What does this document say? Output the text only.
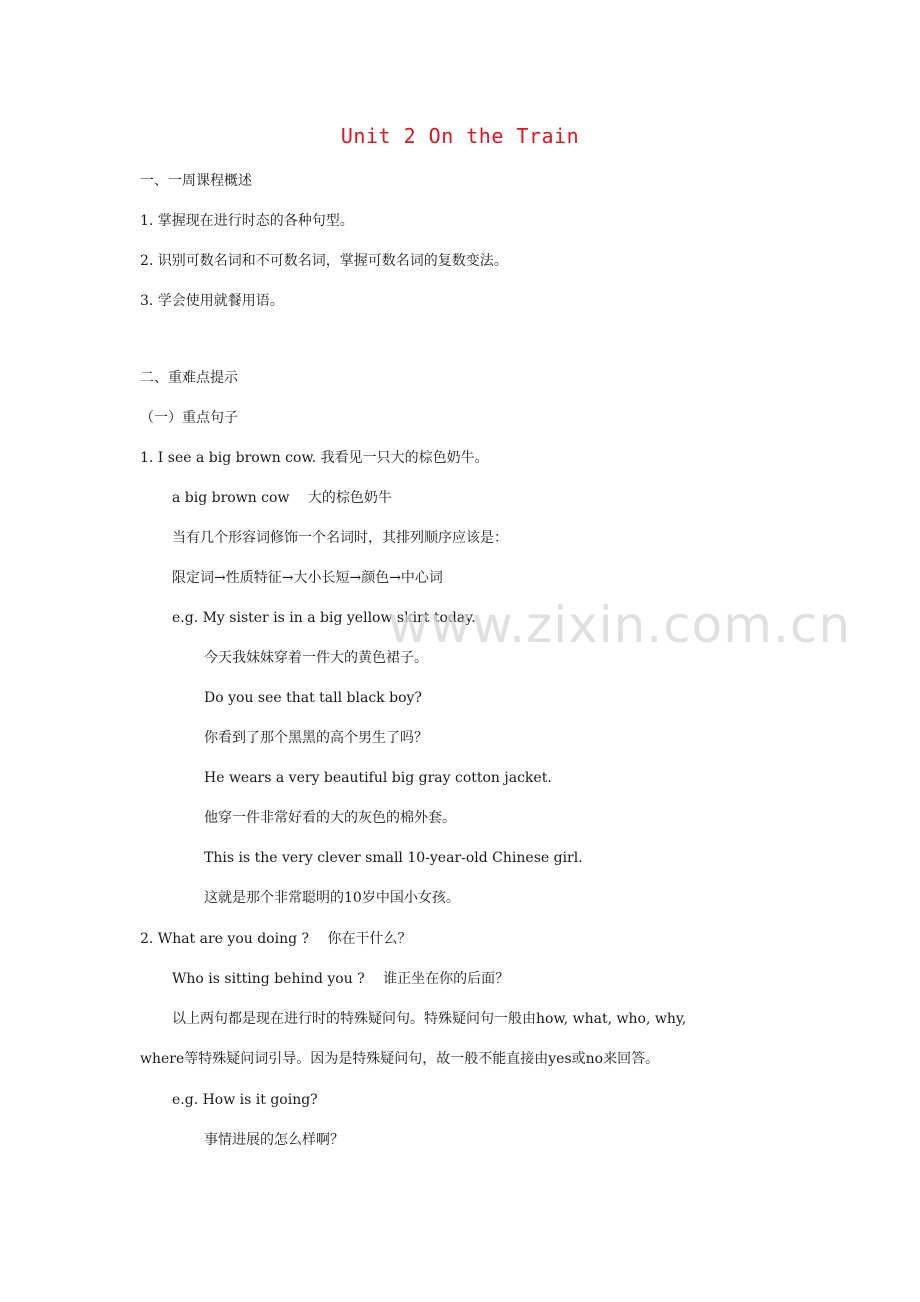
Unit 2 On the Train
一、一周课程概述
1. 掌握现在进行时态的各种句型。
2. 识别可数名词和不可数名词，掌握可数名词的复数变法。
3. 学会使用就餐用语。
二、重难点提示
（一）重点句子
1. I see a big brown cow. 我看见一只大的棕色奶牛。
a big brown cow　 大的棕色奶牛
当有几个形容词修饰一个名词时，其排列顺序应该是：
限定词→性质特征→大小长短→颜色→中心词
e.g. My sister is in a big yellow skirt today.
今天我妹妹穿着一件大的黄色裙子。
Do you see that tall black boy?
你看到了那个黑黑的高个男生了吗？
He wears a very beautiful big gray cotton jacket.
他穿一件非常好看的大的灰色的棉外套。
This is the very clever small 10-year-old Chinese girl.
这就是那个非常聪明的10岁中国小女孩。
2. What are you doing ?　 你在干什么？
Who is sitting behind you ?　 谁正坐在你的后面？
以上两句都是现在进行时的特殊疑问句。特殊疑问句一般由how, what, who, why,
where等特殊疑问词引导。因为是特殊疑问句，故一般不能直接由yes或no来回答。
e.g. How is it going?
事情进展的怎么样啊？
www.zixin.com.cn
